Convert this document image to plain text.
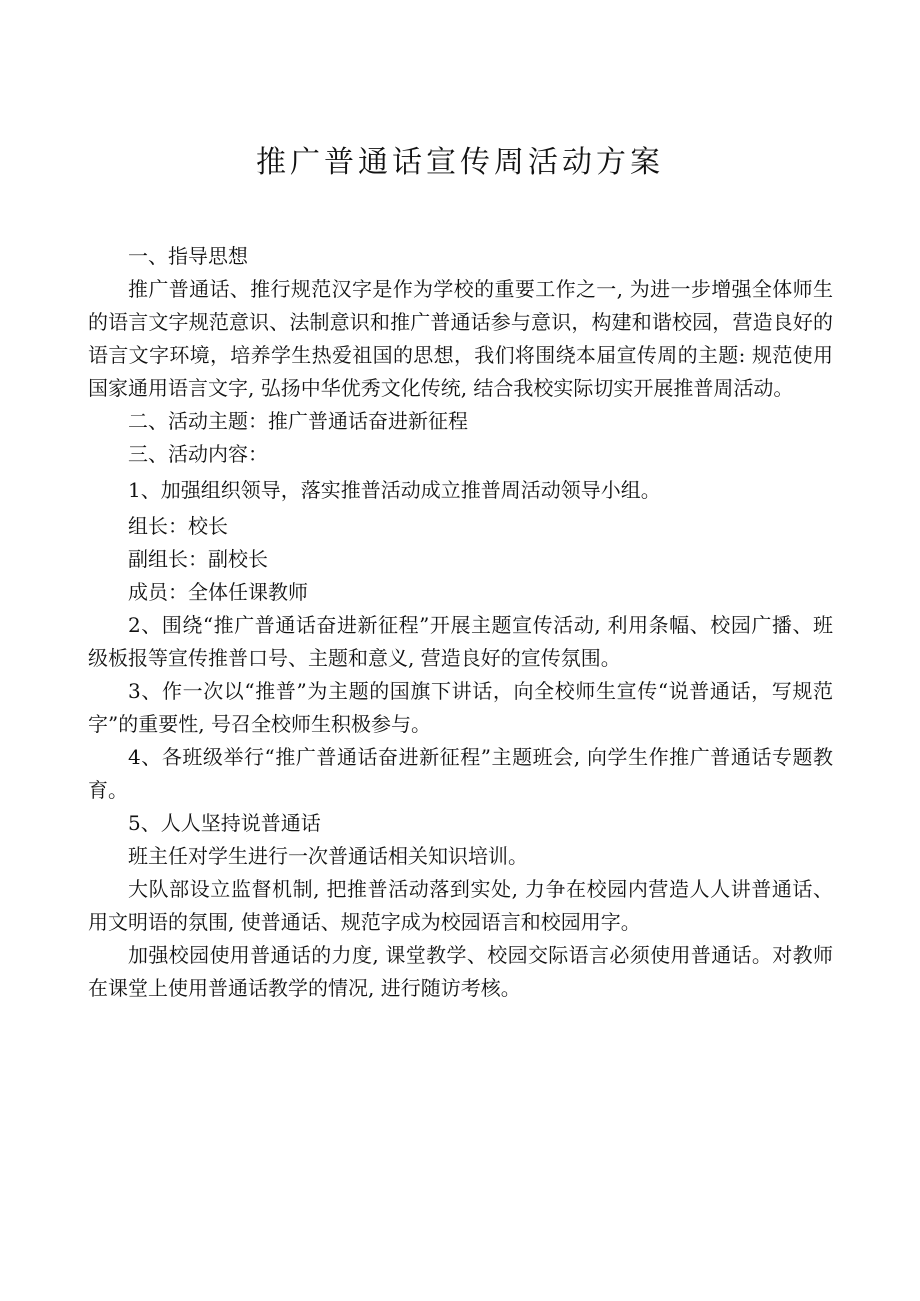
推广普通话宣传周活动方案

一、指导思想

推广普通话、推行规范汉字是作为学校的重要工作之一, 为进一步增强全体师生的语言文字规范意识、法制意识和推广普通话参与意识，构建和谐校园，营造良好的语言文字环境，培养学生热爱祖国的思想，我们将围绕本届宣传周的主题: 规范使用国家通用语言文字, 弘扬中华优秀文化传统, 结合我校实际切实开展推普周活动。

二、活动主题：推广普通话奋进新征程

三、活动内容：

1、加强组织领导，落实推普活动成立推普周活动领导小组。

组长：校长

副组长：副校长

成员：全体任课教师

2、围绕“推广普通话奋进新征程”开展主题宣传活动, 利用条幅、校园广播、班级板报等宣传推普口号、主题和意义, 营造良好的宣传氛围。

3、作一次以“推普”为主题的国旗下讲话，向全校师生宣传“说普通话，写规范字”的重要性, 号召全校师生积极参与。

4、各班级举行“推广普通话奋进新征程”主题班会, 向学生作推广普通话专题教育。

5、人人坚持说普通话

班主任对学生进行一次普通话相关知识培训。

大队部设立监督机制, 把推普活动落到实处, 力争在校园内营造人人讲普通话、用文明语的氛围, 使普通话、规范字成为校园语言和校园用字。

加强校园使用普通话的力度, 课堂教学、校园交际语言必须使用普通话。对教师在课堂上使用普通话教学的情况, 进行随访考核。
